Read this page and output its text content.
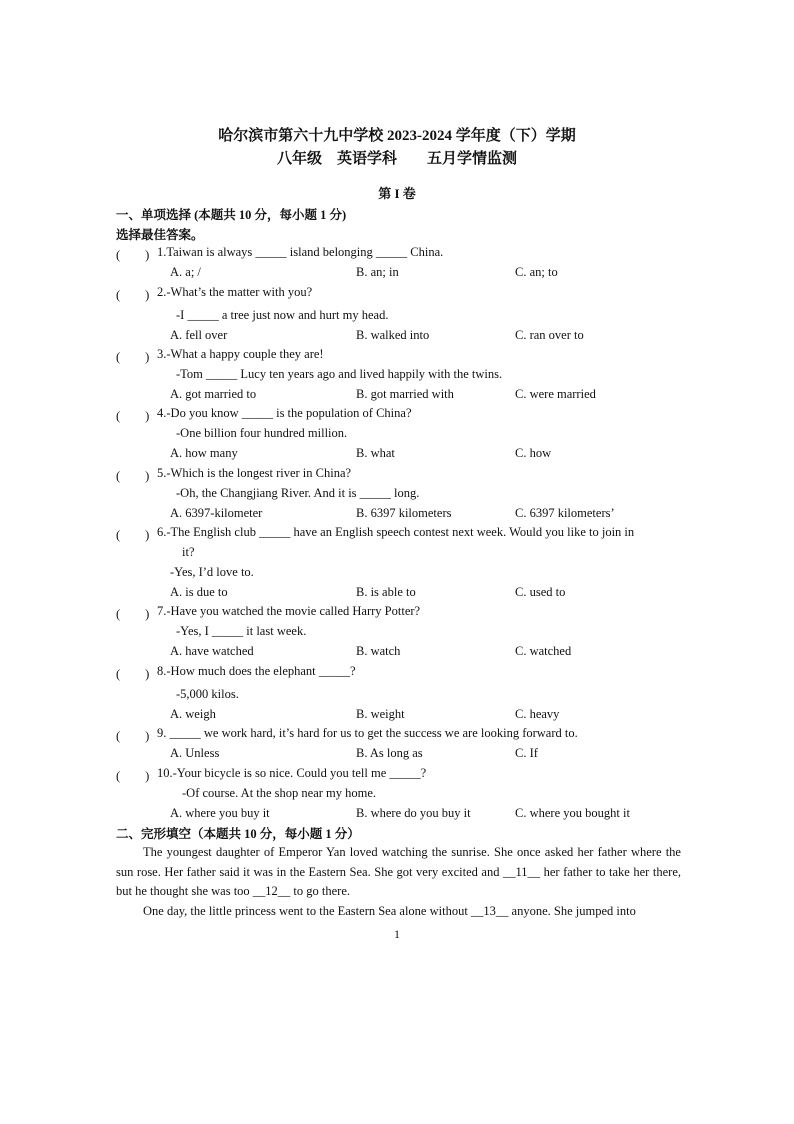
哈尔滨市第六十九中学校 2023-2024 学年度（下）学期
八年级　英语学科　　五月学情监测
第 I 卷
一、单项选择 (本题共 10 分，每小题 1 分)
选择最佳答案。
(　　) 1.Taiwan is always _____ island belonging _____ China.
A. a; /	B. an; in	C. an; to
(　　) 2.-What’s the matter with you?
-I _____ a tree just now and hurt my head.
A. fell over	B. walked into	C. ran over to
(　　) 3.-What a happy couple they are!
-Tom _____ Lucy ten years ago and lived happily with the twins.
A. got married to	B. got married with	C. were married
(　　) 4.-Do you know _____ is the population of China?
-One billion four hundred million.
A. how many	B. what	C. how
(　　) 5.-Which is the longest river in China?
-Oh, the Changjiang River. And it is _____ long.
A. 6397-kilometer	B. 6397 kilometers	C. 6397 kilometers’
(　　) 6.-The English club _____ have an English speech contest next week. Would you like to join in
it?
-Yes, I’d love to.
A. is due to	B. is able to	C. used to
(　　) 7.-Have you watched the movie called Harry Potter?
-Yes, I _____ it last week.
A. have watched	B. watch	C. watched
(　　) 8.-How much does the elephant _____?
-5,000 kilos.
A. weigh	B. weight	C. heavy
(　　) 9. _____ we work hard, it’s hard for us to get the success we are looking forward to.
A. Unless	B. As long as	C. If
(　　) 10.-Your bicycle is so nice. Could you tell me _____?
-Of course. At the shop near my home.
A. where you buy it	B. where do you buy it	C. where you bought it
二、完形填空（本题共 10 分，每小题 1 分）
The youngest daughter of Emperor Yan loved watching the sunrise. She once asked her father where the sun rose. Her father said it was in the Eastern Sea. She got very excited and __11__ her father to take her there, but he thought she was too __12__ to go there.
One day, the little princess went to the Eastern Sea alone without __13__ anyone. She jumped into
1
